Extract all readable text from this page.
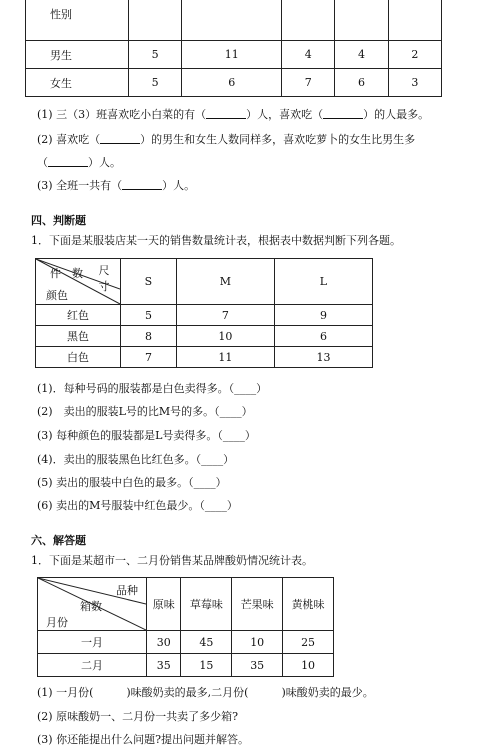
性别					
男生	5	11	4	4	2
女生	5	6	7	6	3
(1) 三（3）班喜欢吃小白菜的有（	）人，喜欢吃（	）的人最多。
(2) 喜欢吃（	）的男生和女生人数同样多，喜欢吃萝卜的女生比男生多
（	）人。
(3) 全班一共有（	）人。
四、判断题
1．下面是某服装店某一天的销售数量统计表，根据表中数据判断下列各题。
尺　寸
件　数
颜色	S	M	L
红色	5	7	9
黑色	8	10	6
白色	7	11	13
(1)．每种号码的服装都是白色卖得多。（____）
(2)　卖出的服装L号的比M号的多。（____）
(3) 每种颜色的服装都是L号卖得多。（____）
(4)．卖出的服装黑色比红色多。（____）
(5) 卖出的服装中白色的最多。（____）
(6) 卖出的M号服装中红色最少。（____）
六、解答题
1．下面是某超市一、二月份销售某品牌酸奶情况统计表。
品种
箱数
月份	原味	草莓味	芒果味	黄桃味
一月	30	45	10	25
二月	35	15	35	10
(1) 一月份(　　　)味酸奶卖的最多,二月份(　　　)味酸奶卖的最少。
(2) 原味酸奶一、二月份一共卖了多少箱?
(3) 你还能提出什么问题?提出问题并解答。
